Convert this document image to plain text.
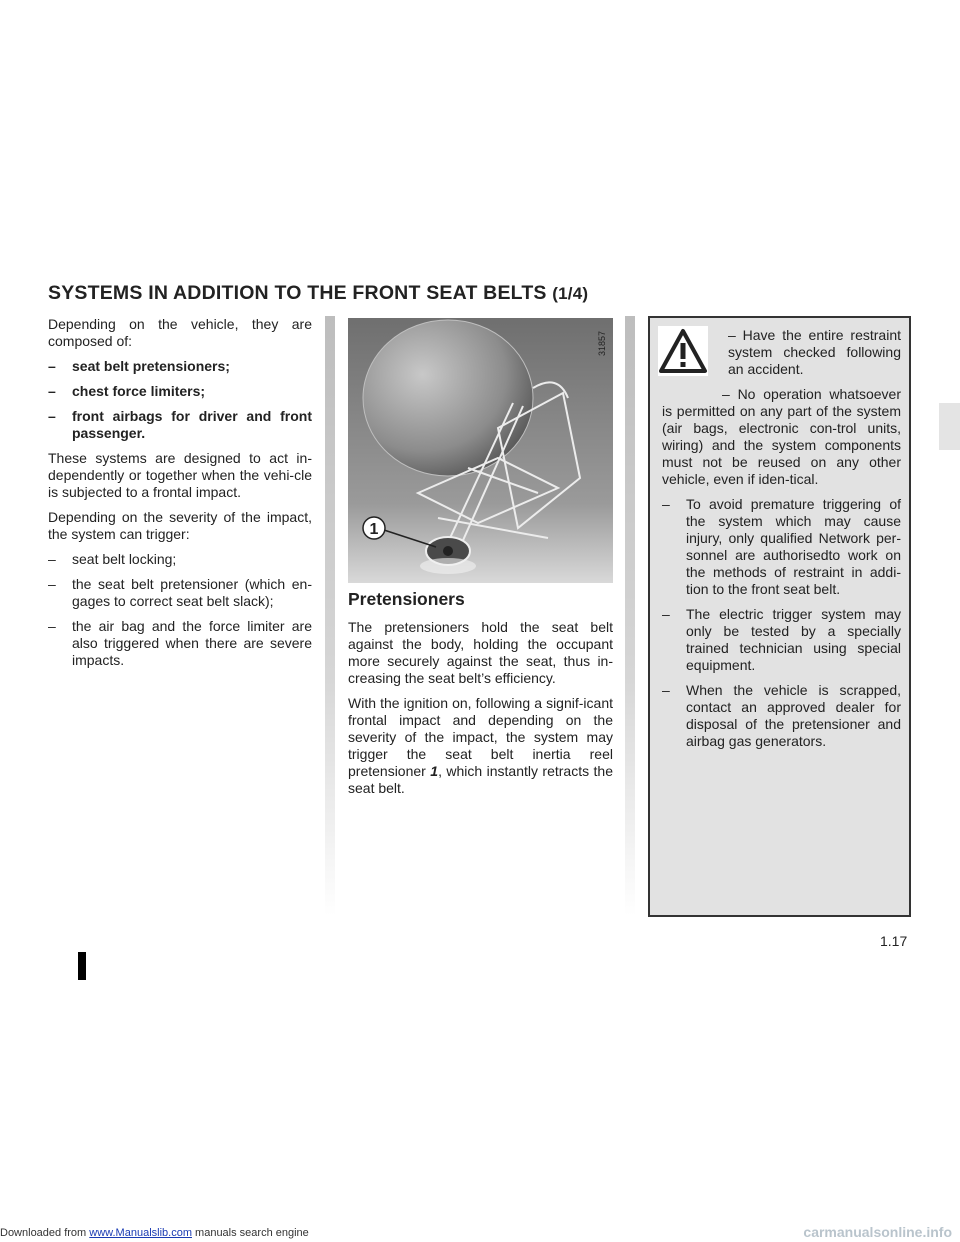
Downloaded from www.Manualslib.com manuals search engine	carmanualsonline.info
SYSTEMS IN ADDITION TO THE FRONT SEAT BELTS (1/4)

Depending on the vehicle, they are composed of:

– seat belt pretensioners;
– chest force limiters;
– front airbags for driver and front passenger.

These systems are designed to act in-dependently or together when the vehi-cle is subjected to a frontal impact.

Depending on the severity of the impact, the system can trigger:

– seat belt locking;
– the seat belt pretensioner (which en-gages to correct seat belt slack);
– the air bag and the force limiter are also triggered when there are severe impacts.
1
31857
Pretensioners

The pretensioners hold the seat belt against the body, holding the occupant more securely against the seat, thus in-creasing the seat belt’s efficiency.

With the ignition on, following a signif-icant frontal impact and depending on the severity of the impact, the system may trigger the seat belt inertia reel pretensioner 1, which instantly retracts the seat belt.

– Have the entire restraint system checked following an accident.

– No operation whatsoever is permitted on any part of the system (air bags, electronic con-trol units, wiring) and the system components must not be reused on any other vehicle, even if iden-tical.

– To avoid premature triggering of the system which may cause injury, only qualified Network per-sonnel are authorisedto work on the methods of restraint in addi-tion to the front seat belt.
– The electric trigger system may only be tested by a specially trained technician using special equipment.
– When the vehicle is scrapped, contact an approved dealer for disposal of the pretensioner and airbag gas generators.
1.17
